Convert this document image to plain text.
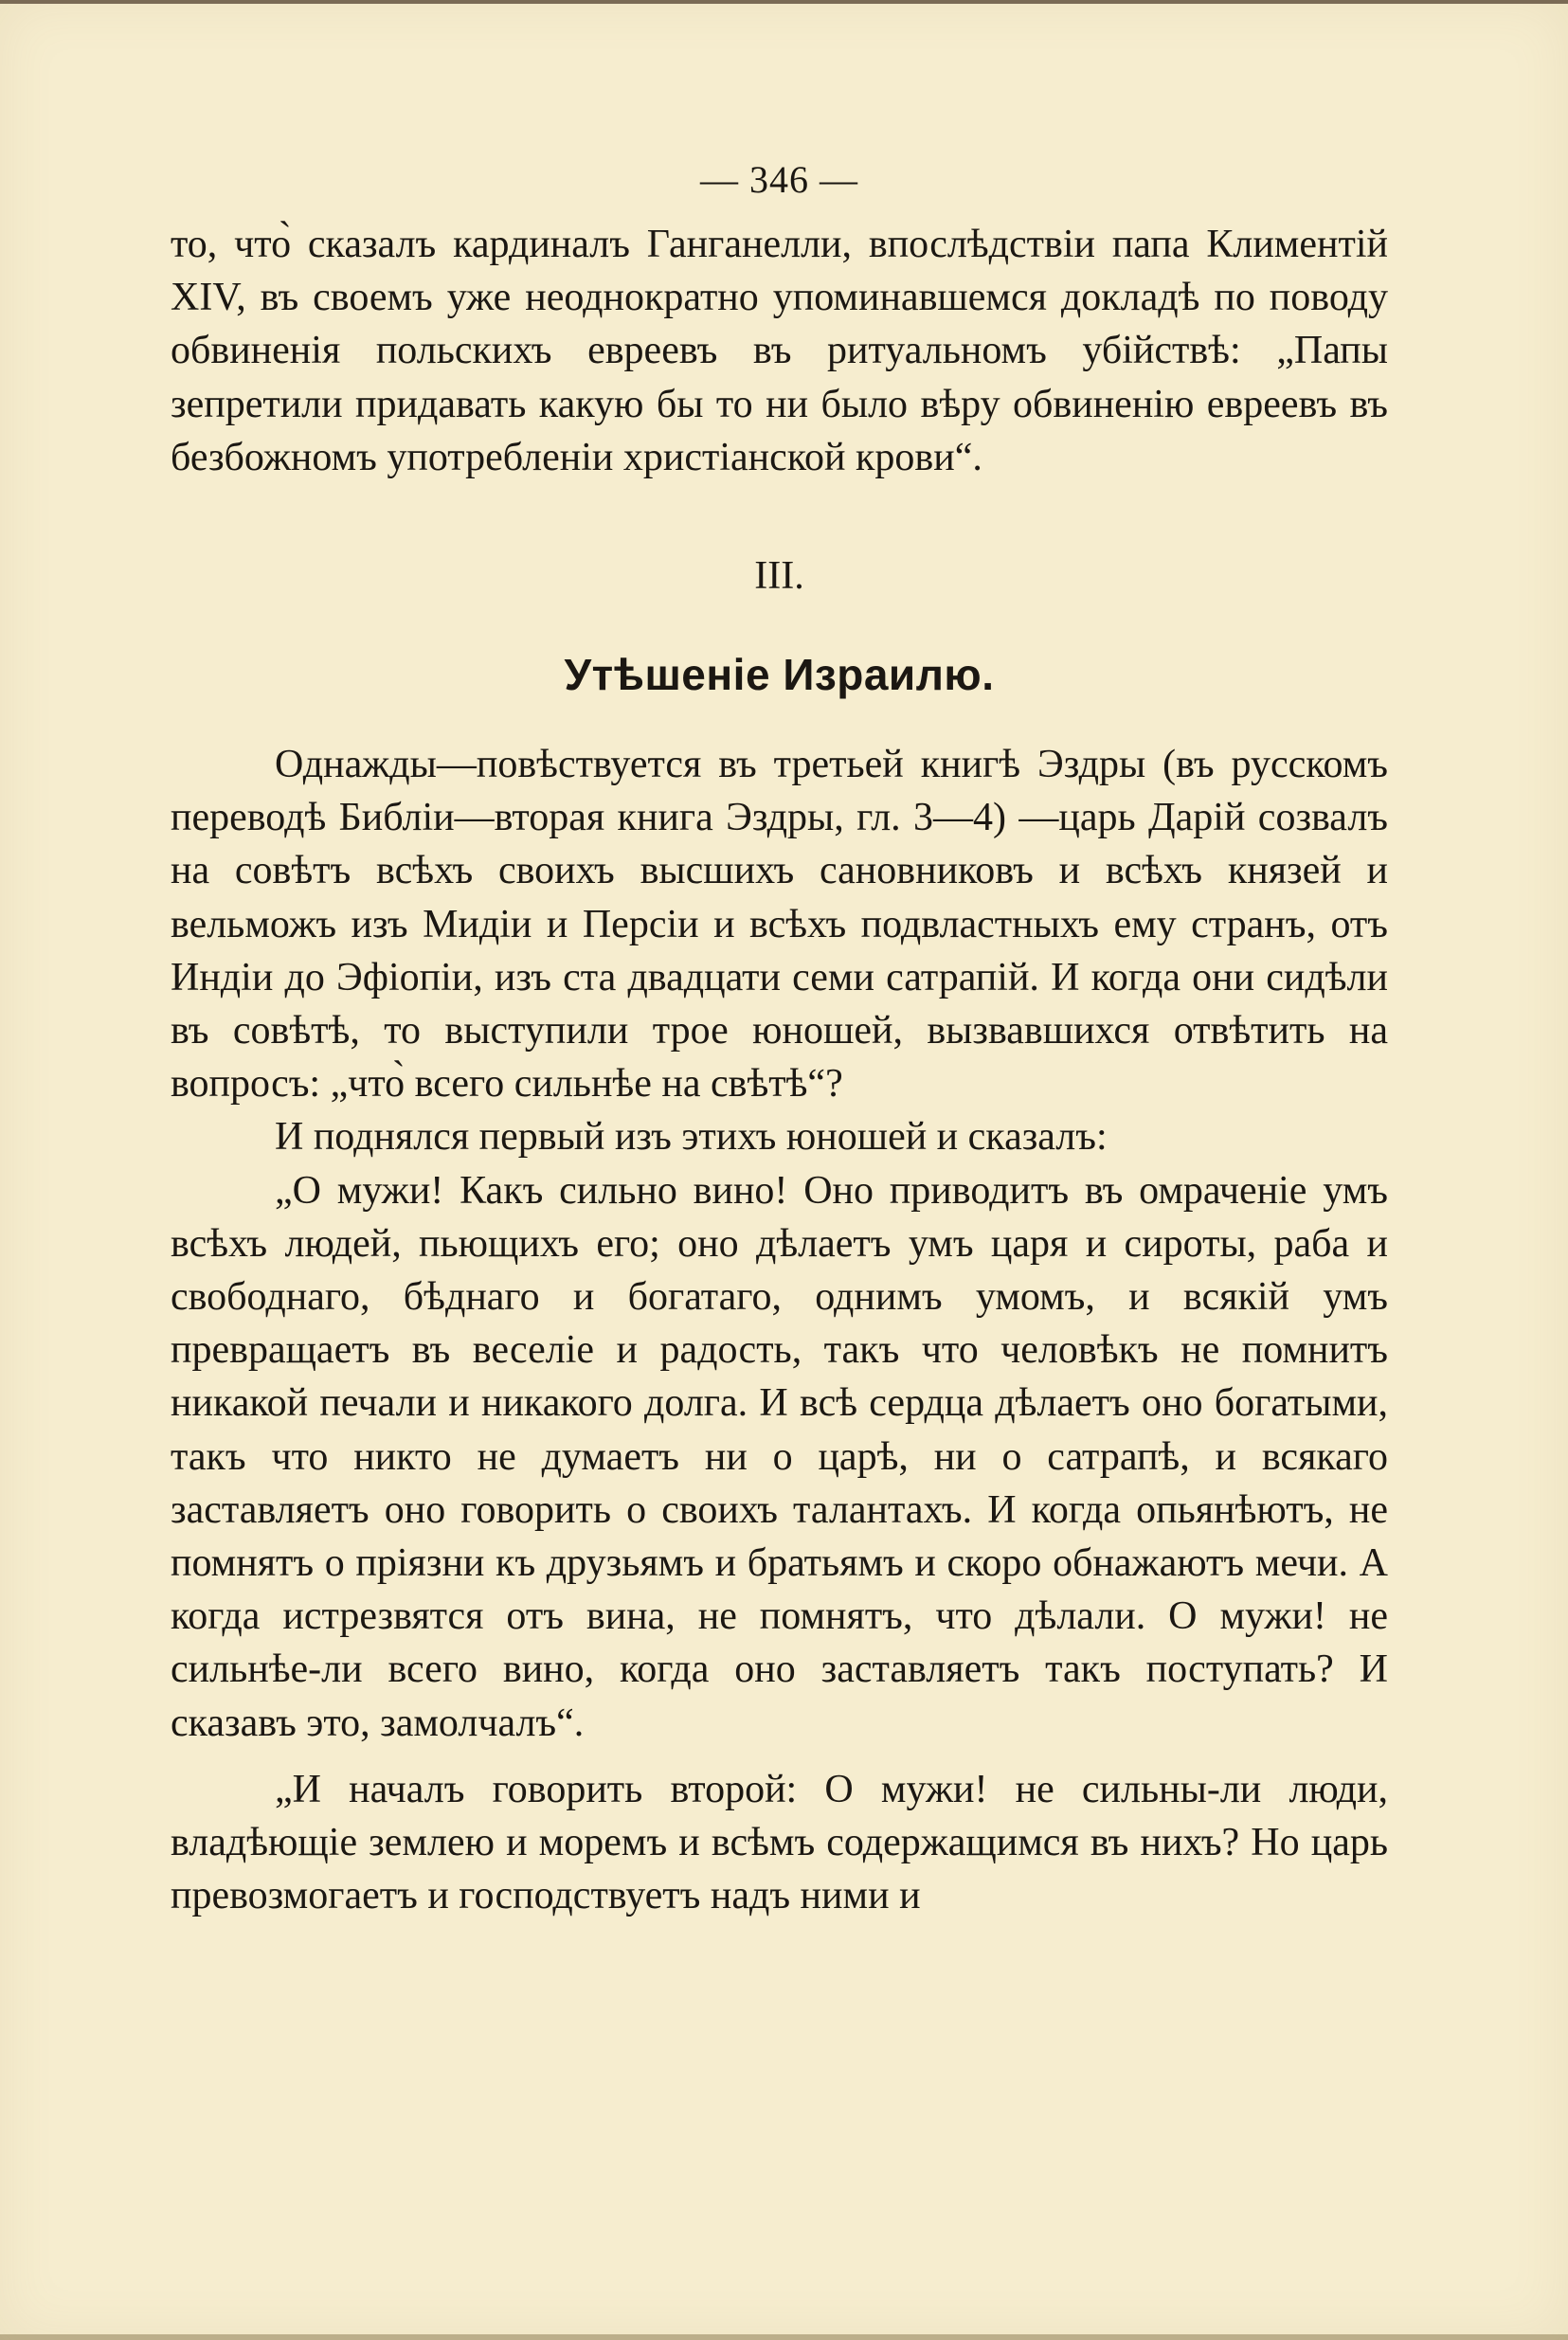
— 346 —

то, что̀ сказалъ кардиналъ Ганганелли, впослѣдствіи папа Климентій XIV, въ своемъ уже неоднократно упоминавшемся докладѣ по поводу обвиненія польскихъ евреевъ въ ритуальномъ убійствѣ: „Папы зепретили придавать какую бы то ни было вѣру обвиненію евреевъ въ безбожномъ употребленіи христіанской крови“.

III.

Утѣшеніе Израилю.

Однажды—повѣствуется въ третьей книгѣ Эздры (въ русскомъ переводѣ Библіи—вторая книга Эздры, гл. 3—4) —царь Дарій созвалъ на совѣтъ всѣхъ своихъ высшихъ сановниковъ и всѣхъ князей и вельможъ изъ Мидіи и Персіи и всѣхъ подвластныхъ ему странъ, отъ Индіи до Эфіопіи, изъ ста двадцати семи сатрапій. И когда они сидѣли въ совѣтѣ, то выступили трое юношей, вызвавшихся отвѣтить на вопросъ: „что̀ всего сильнѣе на свѣтѣ“?

И поднялся первый изъ этихъ юношей и сказалъ:

„О мужи! Какъ сильно вино! Оно приводитъ въ омраченіе умъ всѣхъ людей, пьющихъ его; оно дѣлаетъ умъ царя и сироты, раба и свободнаго, бѣднаго и богатаго, однимъ умомъ, и всякій умъ превращаетъ въ веселіе и радость, такъ что человѣкъ не помнитъ никакой печали и никакого долга. И всѣ сердца дѣлаетъ оно богатыми, такъ что никто не думаетъ ни о царѣ, ни о сатрапѣ, и всякаго заставляетъ оно говорить о своихъ талантахъ. И когда опьянѣютъ, не помнятъ о пріязни къ друзьямъ и братьямъ и скоро обнажаютъ мечи. А когда истрезвятся отъ вина, не помнятъ, что дѣлали. О мужи! не сильнѣе-ли всего вино, когда оно заставляетъ такъ поступать? И сказавъ это, замолчалъ“.

„И началъ говорить второй: О мужи! не сильны-ли люди, владѣющіе землею и моремъ и всѣмъ содержащимся въ нихъ? Но царь превозмогаетъ и господствуетъ надъ ними и
